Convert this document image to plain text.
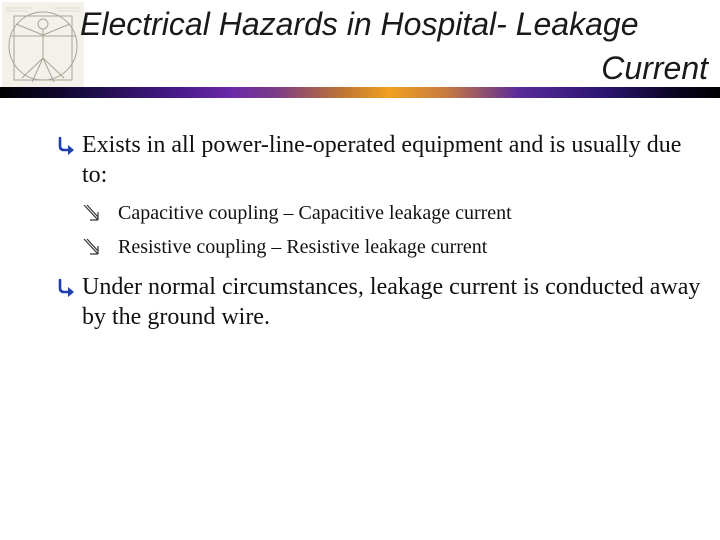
Electrical Hazards in Hospital- Leakage
Current
Exists in all power-line-operated equipment and is usually due to:
Capacitive coupling – Capacitive leakage current
Resistive coupling – Resistive leakage current
Under normal circumstances, leakage current is conducted away by the ground wire.
